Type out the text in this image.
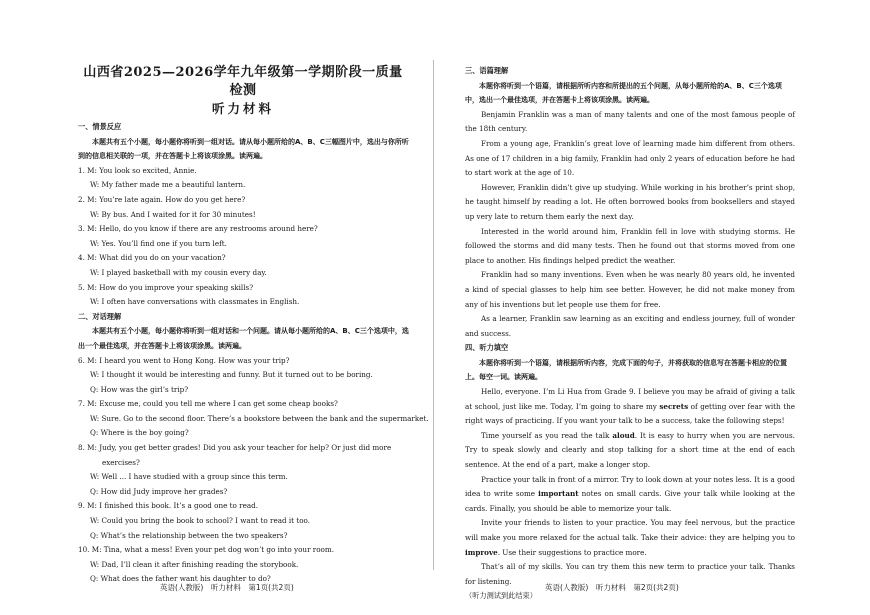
山西省2025—2026学年九年级第一学期阶段一质量检测
听力材料
一、情景反应
本题共有五个小题，每小题你将听到一组对话。请从每小题所给的A、B、C三幅图片中，选出与你所听到的信息相关联的一项，并在答题卡上将该项涂黑。读两遍。
1. M: You look so excited, Annie.
W: My father made me a beautiful lantern.
2. M: You’re late again. How do you get here?
W: By bus. And I waited for it for 30 minutes!
3. M: Hello, do you know if there are any restrooms around here?
W: Yes. You’ll find one if you turn left.
4. M: What did you do on your vacation?
W: I played basketball with my cousin every day.
5. M: How do you improve your speaking skills?
W: I often have conversations with classmates in English.
二、对话理解
本题共有五个小题，每小题你将听到一组对话和一个问题。请从每小题所给的A、B、C三个选项中，选出一个最佳选项，并在答题卡上将该项涂黑。读两遍。
6. M: I heard you went to Hong Kong. How was your trip?
W: I thought it would be interesting and funny. But it turned out to be boring.
Q: How was the girl’s trip?
7. M: Excuse me, could you tell me where I can get some cheap books?
W: Sure. Go to the second floor. There’s a bookstore between the bank and the supermarket.
Q: Where is the boy going?
8. M: Judy, you get better grades! Did you ask your teacher for help? Or just did more
exercises?
W: Well ... I have studied with a group since this term.
Q: How did Judy improve her grades?
9. M: I finished this book. It’s a good one to read.
W: Could you bring the book to school? I want to read it too.
Q: What’s the relationship between the two speakers?
10. M: Tina, what a mess! Even your pet dog won’t go into your room.
W: Dad, I’ll clean it after finishing reading the storybook.
Q: What does the father want his daughter to do?
三、语篇理解
本题你将听到一个语篇，请根据所听内容和所提出的五个问题，从每小题所给的A、B、C三个选项中，选出一个最佳选项，并在答题卡上将该项涂黑。读两遍。
Benjamin Franklin was a man of many talents and one of the most famous people of the 18th century.
From a young age, Franklin’s great love of learning made him different from others. As one of 17 children in a big family, Franklin had only 2 years of education before he had to start work at the age of 10.
However, Franklin didn’t give up studying. While working in his brother’s print shop, he taught himself by reading a lot. He often borrowed books from booksellers and stayed up very late to return them early the next day.
Interested in the world around him, Franklin fell in love with studying storms. He followed the storms and did many tests. Then he found out that storms moved from one place to another. His findings helped predict the weather.
Franklin had so many inventions. Even when he was nearly 80 years old, he invented a kind of special glasses to help him see better. However, he did not make money from any of his inventions but let people use them for free.
As a learner, Franklin saw learning as an exciting and endless journey, full of wonder and success.
四、听力填空
本题你将听到一个语篇，请根据所听内容，完成下面的句子，并将获取的信息写在答题卡相应的位置上。每空一词。读两遍。
Hello, everyone. I’m Li Hua from Grade 9. I believe you may be afraid of giving a talk at school, just like me. Today, I’m going to share my secrets of getting over fear with the right ways of practicing. If you want your talk to be a success, take the following steps!
Time yourself as you read the talk aloud. It is easy to hurry when you are nervous. Try to speak slowly and clearly and stop talking for a short time at the end of each sentence. At the end of a part, make a longer stop.
Practice your talk in front of a mirror. Try to look down at your notes less. It is a good idea to write some important notes on small cards. Give your talk while looking at the cards. Finally, you should be able to memorize your talk.
Invite your friends to listen to your practice. You may feel nervous, but the practice will make you more relaxed for the actual talk. Take their advice: they are helping you to improve. Use their suggestions to practice more.
That’s all of my skills. You can try them this new term to practice your talk. Thanks for listening.
（听力测试到此结束）
英语(人教版)　听力材料　第1页(共2页)	英语(人教版)　听力材料　第2页(共2页)
